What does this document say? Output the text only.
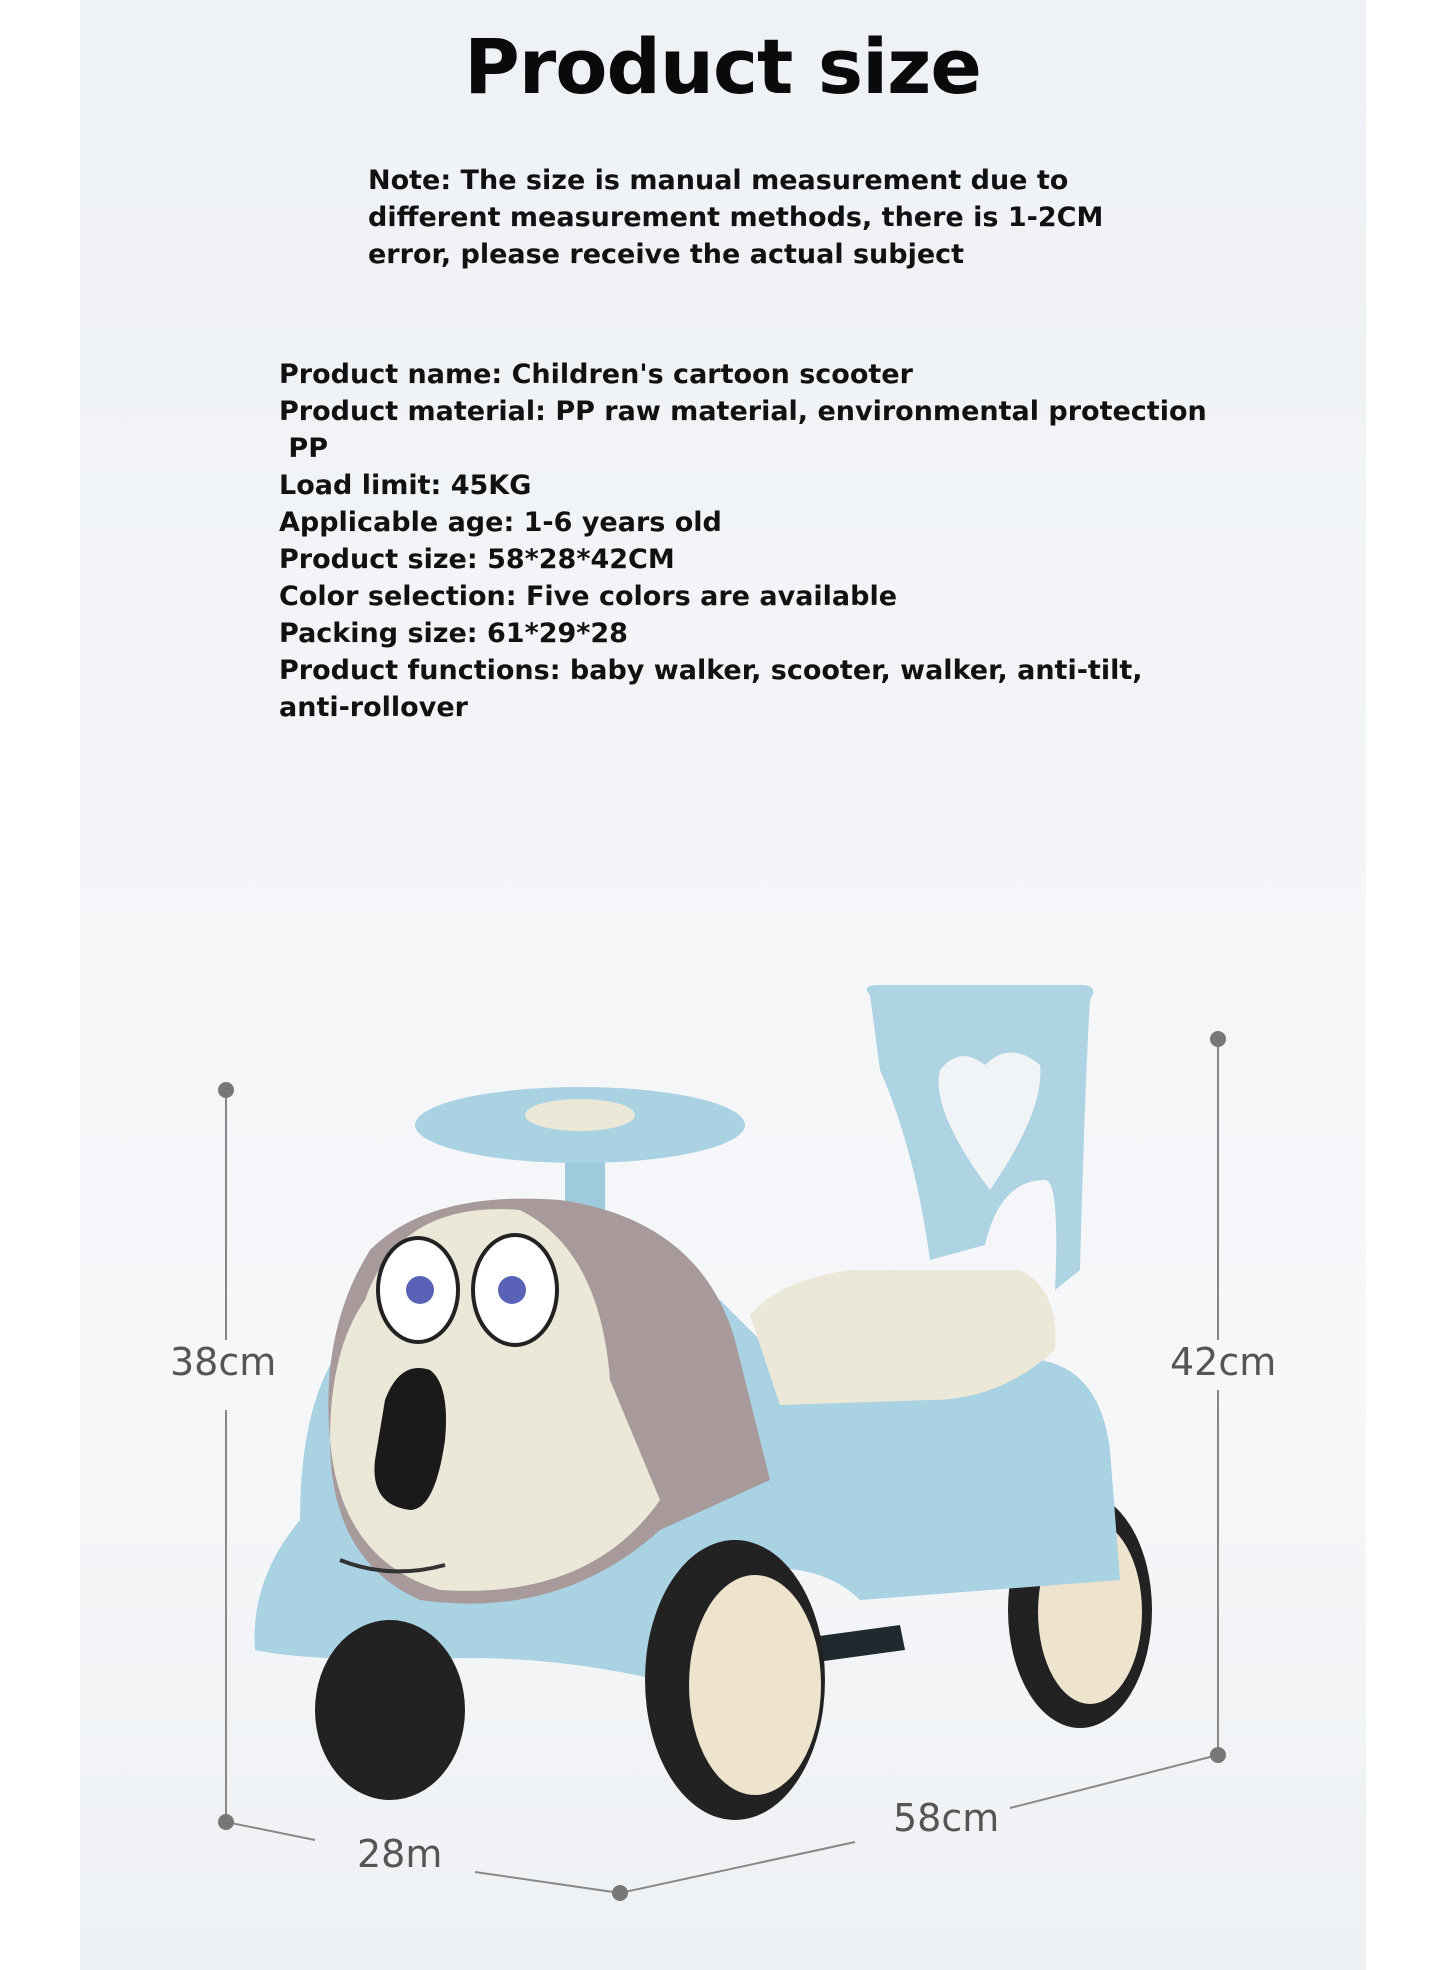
Product size
Note: The size is manual measurement due to different measurement methods, there is 1-2CM error, please receive the actual subject
Product name: Children's cartoon scooter
Product material: PP raw material, environmental protection
PP
Load limit: 45KG
Applicable age: 1-6 years old
Product size: 58*28*42CM
Color selection: Five colors are available
Packing size: 61*29*28
Product functions: baby walker, scooter, walker, anti-tilt,
anti-rollover
38cm	42cm
28m
58cm
